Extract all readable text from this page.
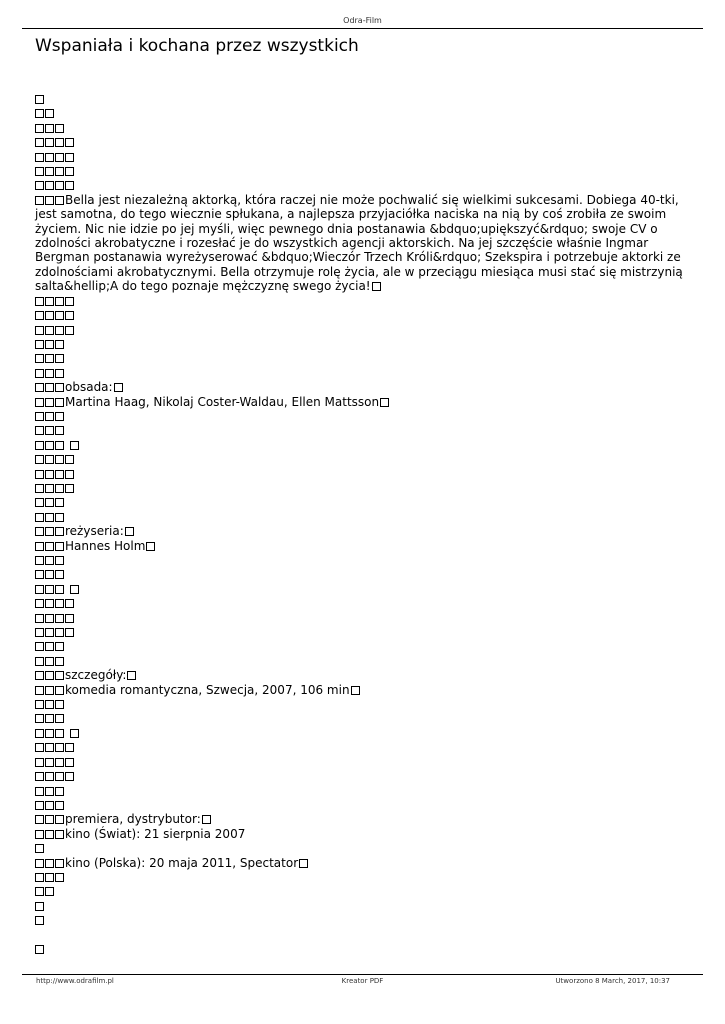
Odra-Film
Wspaniała i kochana przez wszystkich
Bella jest niezależną aktorką, która raczej nie może pochwalić się wielkimi sukcesami. Dobiega 40-tki, jest samotna, do tego wiecznie spłukana, a najlepsza przyjaciółka naciska na nią by coś zrobiła ze swoim życiem. Nic nie idzie po jej myśli, więc pewnego dnia postanawia &bdquo;upiększyć&rdquo; swoje CV o zdolności akrobatyczne i rozesłać je do wszystkich agencji aktorskich. Na jej szczęście właśnie Ingmar Bergman postanawia wyreżyserować &bdquo;Wieczór Trzech Króli&rdquo; Szekspira i potrzebuje aktorki ze zdolnościami akrobatycznymi. Bella otrzymuje rolę życia, ale w przeciągu miesiąca musi stać się mistrzynią salta&hellip;A do tego poznaje mężczyznę swego życia!
obsada:
Martina Haag, Nikolaj Coster-Waldau, Ellen Mattsson
reżyseria:
Hannes Holm
szczegóły:
komedia romantyczna, Szwecja, 2007, 106 min
premiera, dystrybutor:
kino (Świat): 21 sierpnia 2007
kino (Polska): 20 maja 2011, Spectator
http://www.odrafilm.pl	Kreator PDF	Utworzono 8 March, 2017, 10:37
